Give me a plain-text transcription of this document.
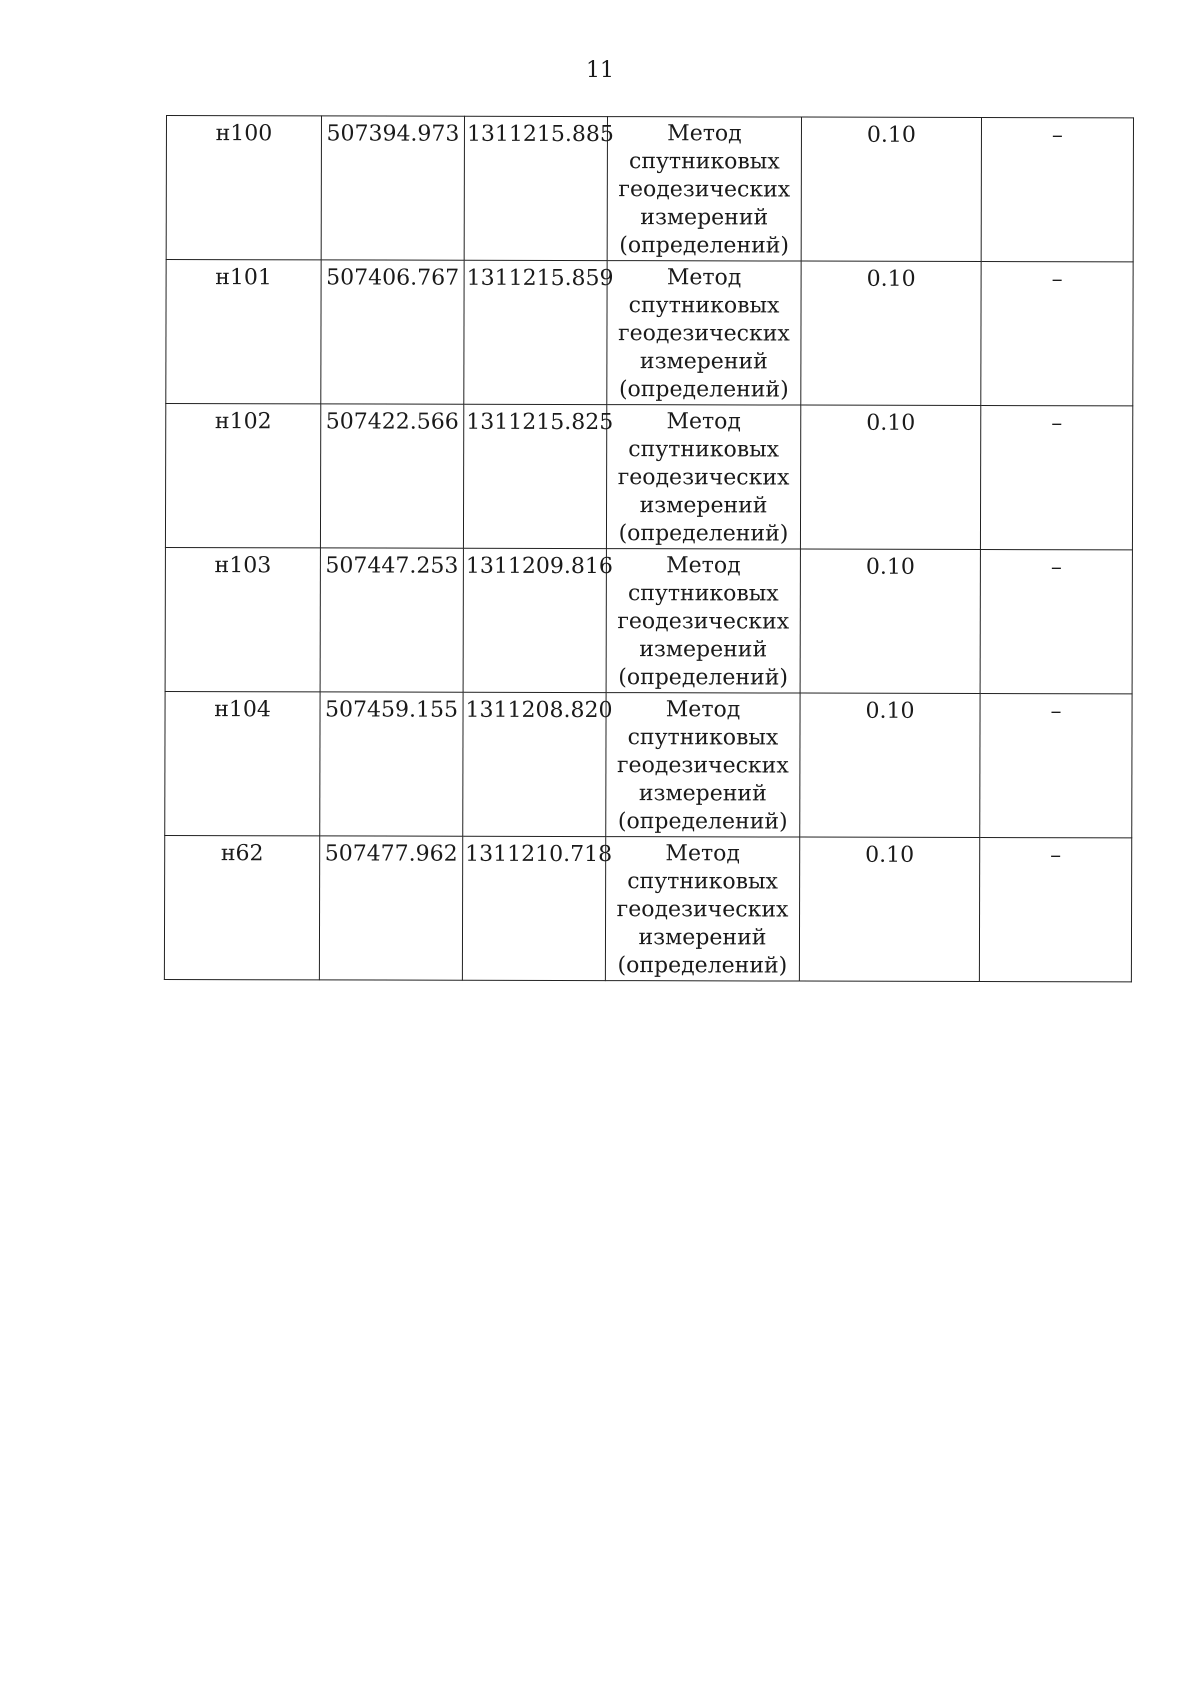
11
н100	507394.973	1311215.885	Метод
спутниковых
геодезических
измерений
(определений)	0.10	–
н101	507406.767	1311215.859	Метод
спутниковых
геодезических
измерений
(определений)	0.10	–
н102	507422.566	1311215.825	Метод
спутниковых
геодезических
измерений
(определений)	0.10	–
н103	507447.253	1311209.816	Метод
спутниковых
геодезических
измерений
(определений)	0.10	–
н104	507459.155	1311208.820	Метод
спутниковых
геодезических
измерений
(определений)	0.10	–
н62	507477.962	1311210.718	Метод
спутниковых
геодезических
измерений
(определений)	0.10	–
